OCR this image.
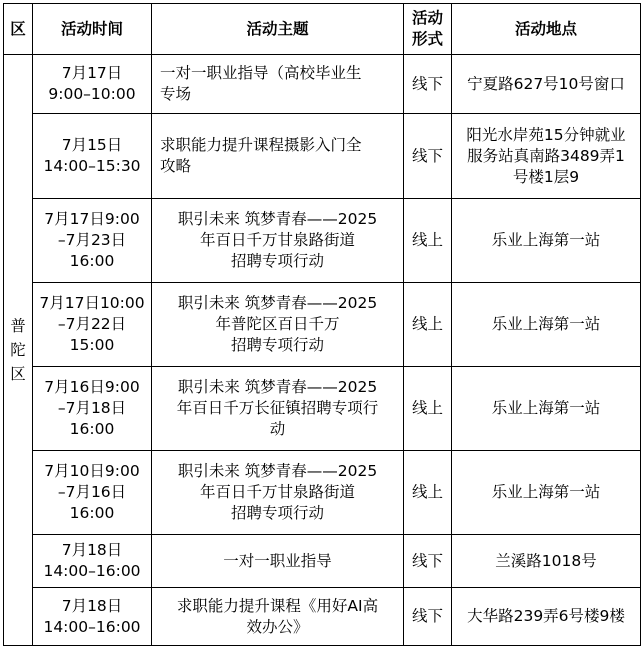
区	活动时间	活动主题	活动形式	活动地点
普陀区	7月17日
9:00–10:00	一对一职业指导（高校毕业生
专场	线下	宁夏路627号10号窗口

	7月15日
14:00–15:30	求职能力提升课程摄影入门全
攻略	线下	阳光水岸苑15分钟就业
服务站真南路3489弄1
号楼1层9

	7月17日9:00
–7月23日
16:00	职引未来 筑梦青春——2025
年百日千万甘泉路街道
招聘专项行动	线上	乐业上海第一站

	7月17日10:00
–7月22日
15:00	职引未来 筑梦青春——2025
年普陀区百日千万
招聘专项行动	线上	乐业上海第一站

	7月16日9:00
–7月18日
16:00	职引未来 筑梦青春——2025
年百日千万长征镇招聘专项行
动	线上	乐业上海第一站

	7月10日9:00
–7月16日
16:00	职引未来 筑梦青春——2025
年百日千万甘泉路街道
招聘专项行动	线上	乐业上海第一站

	7月18日
14:00–16:00	一对一职业指导	线下	兰溪路1018号

	7月18日
14:00–16:00	求职能力提升课程《用好AI高
效办公》	线下	大华路239弄6号楼9楼
